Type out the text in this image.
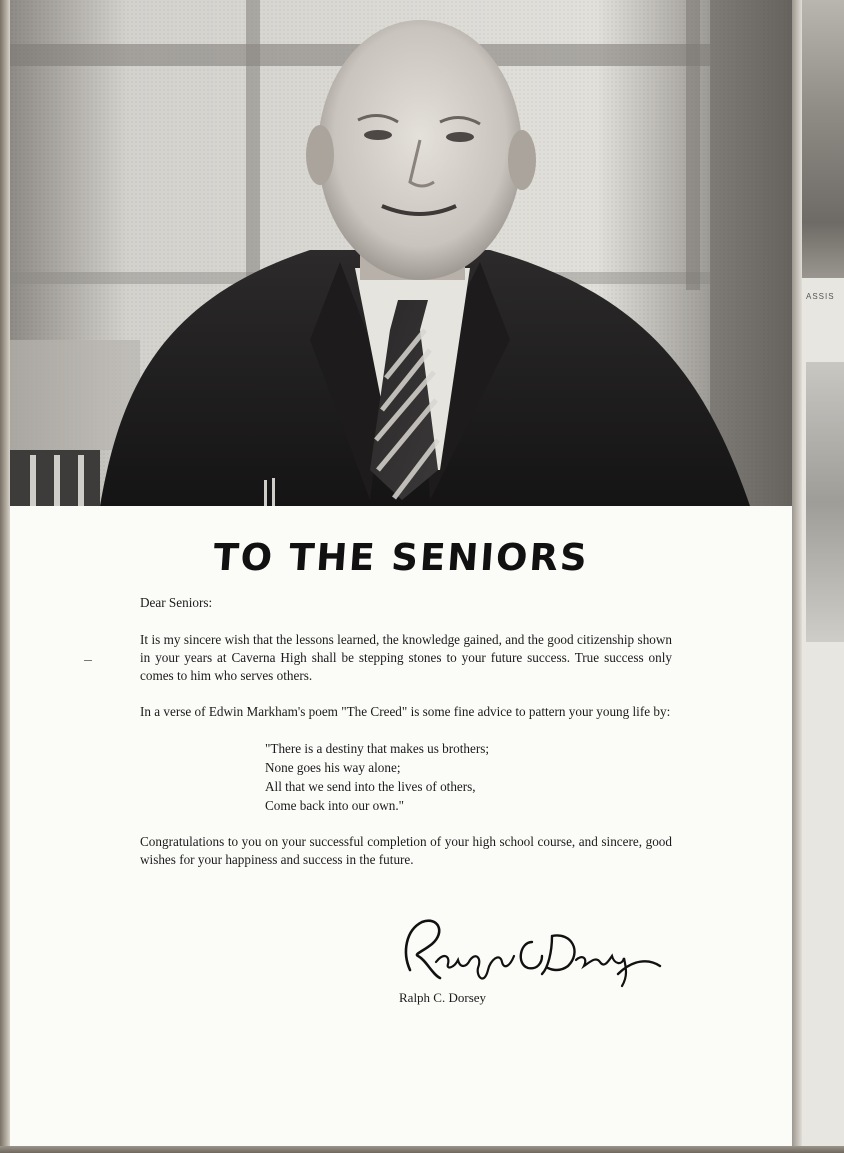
ASSIS
TO THE SENIORS

Dear Seniors:

It is my sincere wish that the lessons learned, the knowledge gained, and the good citizenship shown in your years at Caverna High shall be stepping stones to your future success. True success only comes to him who serves others.

In a verse of Edwin Markham's poem "The Creed" is some fine advice to pattern your young life by:

"There is a destiny that makes us brothers;
None goes his way alone;
All that we send into the lives of others,
Come back into our own."

Congratulations to you on your successful completion of your high school course, and sincere, good wishes for your happiness and success in the future.

Ralph C. Dorsey
